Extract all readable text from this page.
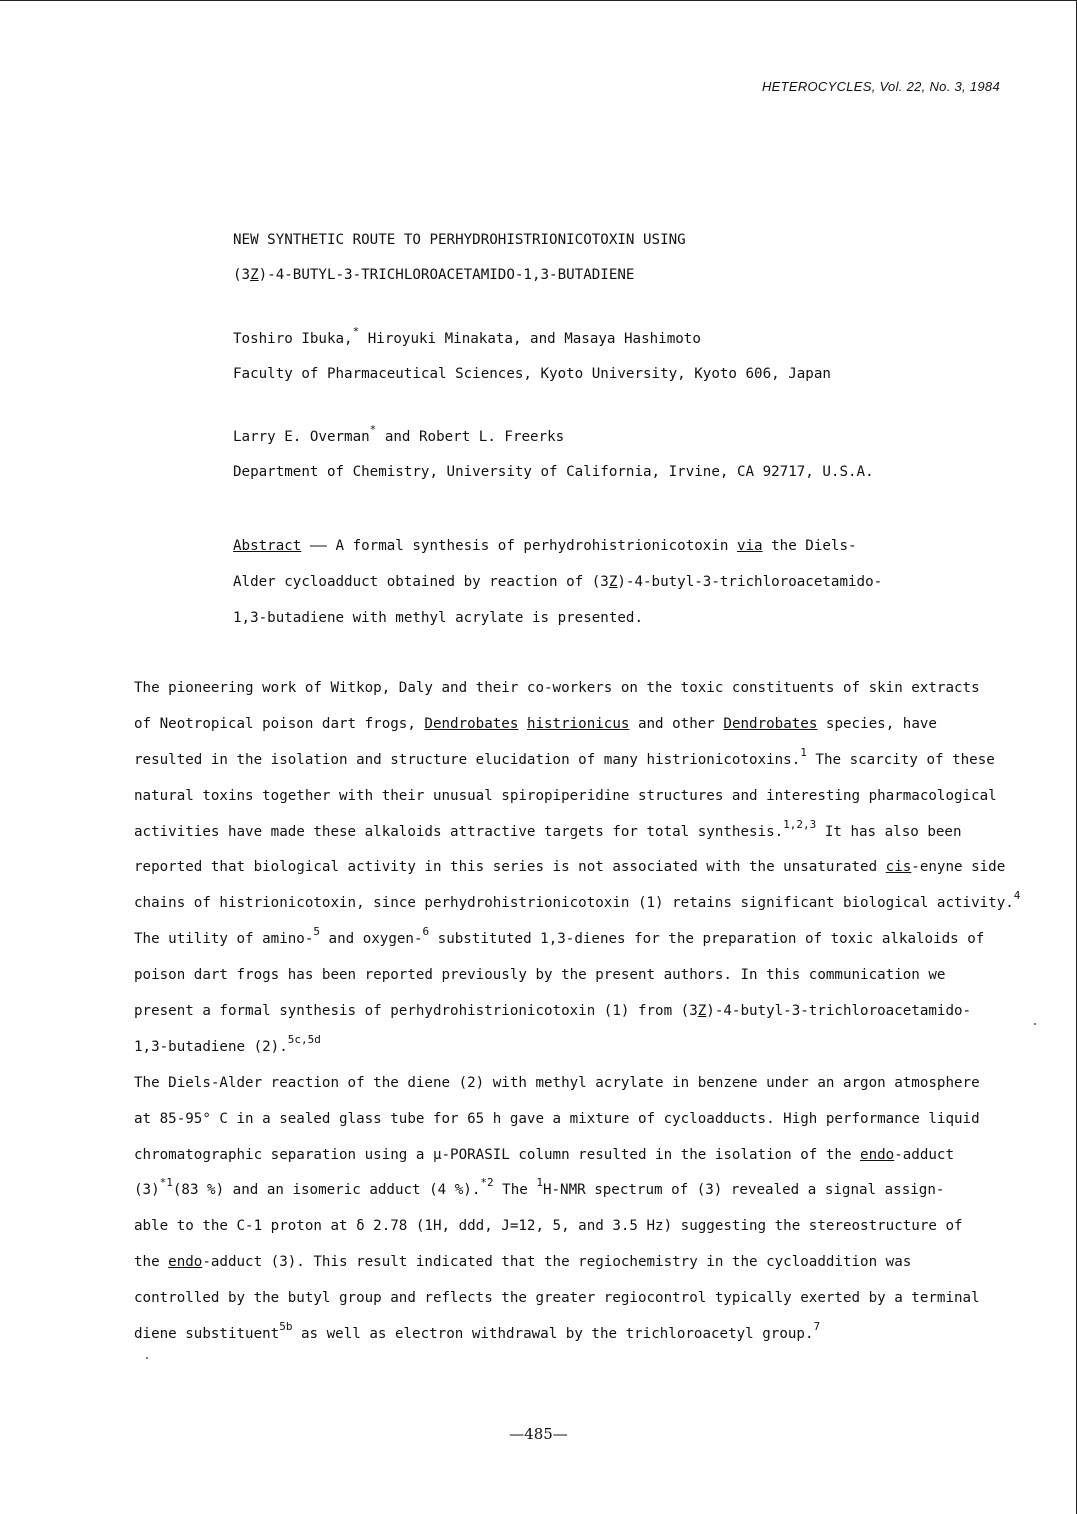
HETEROCYCLES, Vol. 22, No. 3, 1984
NEW SYNTHETIC ROUTE TO PERHYDROHISTRIONICOTOXIN USING
(3Z)-4-BUTYL-3-TRICHLOROACETAMIDO-1,3-BUTADIENE
Toshiro Ibuka,* Hiroyuki Minakata, and Masaya Hashimoto
Faculty of Pharmaceutical Sciences, Kyoto University, Kyoto 606, Japan
Larry E. Overman* and Robert L. Freerks
Department of Chemistry, University of California, Irvine, CA 92717, U.S.A.
Abstract —— A formal synthesis of perhydrohistrionicotoxin via the Diels-
Alder cycloadduct obtained by reaction of (3Z)-4-butyl-3-trichloroacetamido-
1,3-butadiene with methyl acrylate is presented.
The pioneering work of Witkop, Daly and their co-workers on the toxic constituents of skin extracts
of Neotropical poison dart frogs, Dendrobates histrionicus and other Dendrobates species, have
resulted in the isolation and structure elucidation of many histrionicotoxins.$^1$ The scarcity of these
natural toxins together with their unusual spiropiperidine structures and interesting pharmacological
activities have made these alkaloids attractive targets for total synthesis.$^{1,2,3}$ It has also been
reported that biological activity in this series is not associated with the unsaturated cis-enyne side
chains of histrionicotoxin, since perhydrohistrionicotoxin (1) retains significant biological activity.$^4$
The utility of amino-$^5$ and oxygen-$^6$ substituted 1,3-dienes for the preparation of toxic alkaloids of
poison dart frogs has been reported previously by the present authors. In this communication we
present a formal synthesis of perhydrohistrionicotoxin (1) from (3Z)-4-butyl-3-trichloroacetamido-
1,3-butadiene (2).$^{5c,5d}$
The Diels-Alder reaction of the diene (2) with methyl acrylate in benzene under an argon atmosphere
at 85-95° C in a sealed glass tube for 65 h gave a mixture of cycloadducts. High performance liquid
chromatographic separation using a μ-PORASIL column resulted in the isolation of the endo-adduct
$(3)^{*1}(83$ %) and an isomeric adduct (4 %).$^{*2}$ The $^1$H-NMR spectrum of (3) revealed a signal assign-
able to the C-1 proton at δ 2.78 (1H, ddd, J=12, 5, and 3.5 Hz) suggesting the stereostructure of
the endo-adduct (3). This result indicated that the regiochemistry in the cycloaddition was
controlled by the butyl group and reflects the greater regiocontrol typically exerted by a terminal
diene substituent$^{5b}$ as well as electron withdrawal by the trichloroacetyl group.$^7$
—485—
